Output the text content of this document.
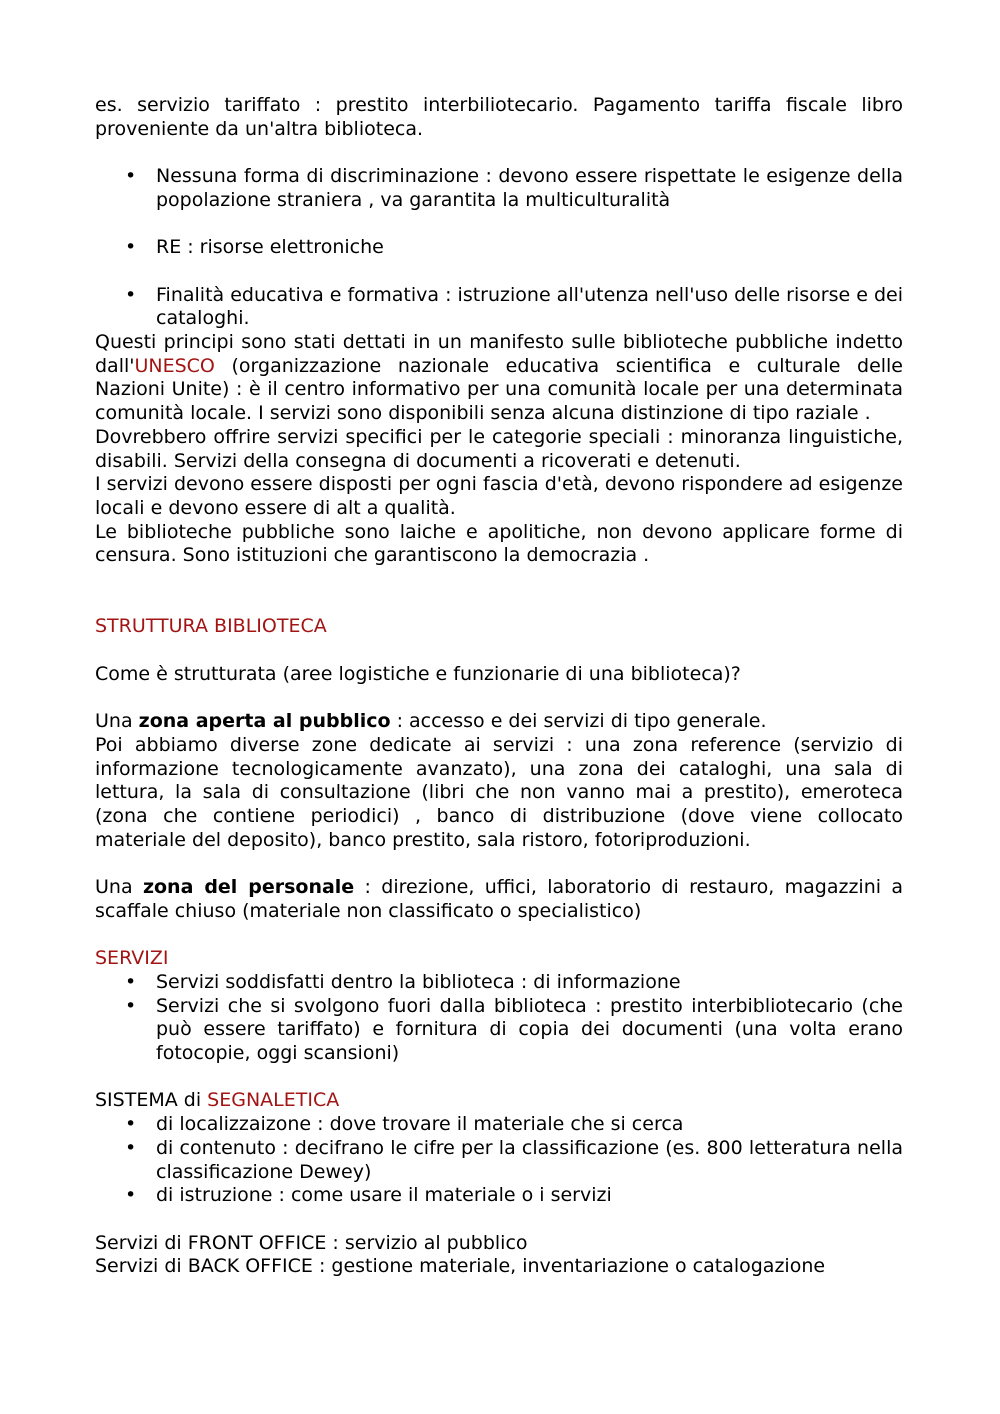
es. servizio tariffato : prestito interbiliotecario. Pagamento tariffa fiscale libro proveniente da un'altra biblioteca.

• Nessuna forma di discriminazione : devono essere rispettate le esigenze della popolazione straniera , va garantita la multiculturalità
• RE : risorse elettroniche
• Finalità educativa e formativa : istruzione all'utenza nell'uso delle risorse e dei cataloghi.

Questi principi sono stati dettati in un manifesto sulle biblioteche pubbliche indetto dall'UNESCO (organizzazione nazionale educativa scientifica e culturale delle Nazioni Unite) : è il centro informativo per una comunità locale per una determinata comunità locale. I servizi sono disponibili senza alcuna distinzione di tipo raziale .

Dovrebbero offrire servizi specifici per le categorie speciali : minoranza linguistiche, disabili. Servizi della consegna di documenti a ricoverati e detenuti.

I servizi devono essere disposti per ogni fascia d'età, devono rispondere ad esigenze locali e devono essere di alt a qualità.

Le biblioteche pubbliche sono laiche e apolitiche, non devono applicare forme di censura. Sono istituzioni che garantiscono la democrazia .

STRUTTURA BIBLIOTECA

Come è strutturata (aree logistiche e funzionarie di una biblioteca)?

Una zona aperta al pubblico : accesso e dei servizi di tipo generale.

Poi abbiamo diverse zone dedicate ai servizi : una zona reference (servizio di informazione tecnologicamente avanzato), una zona dei cataloghi, una sala di lettura, la sala di consultazione (libri che non vanno mai a prestito), emeroteca (zona che contiene periodici) , banco di distribuzione (dove viene collocato materiale del deposito), banco prestito, sala ristoro, fotoriproduzioni.

Una zona del personale : direzione, uffici, laboratorio di restauro, magazzini a scaffale chiuso (materiale non classificato o specialistico)

SERVIZI

• Servizi soddisfatti dentro la biblioteca : di informazione
• Servizi che si svolgono fuori dalla biblioteca : prestito interbibliotecario (che può essere tariffato) e fornitura di copia dei documenti (una volta erano fotocopie, oggi scansioni)

SISTEMA di SEGNALETICA

• di localizzaizone : dove trovare il materiale che si cerca
• di contenuto : decifrano le cifre per la classificazione (es. 800 letteratura nella classificazione Dewey)
• di istruzione : come usare il materiale o i servizi

Servizi di FRONT OFFICE : servizio al pubblico

Servizi di BACK OFFICE : gestione materiale, inventariazione o catalogazione
